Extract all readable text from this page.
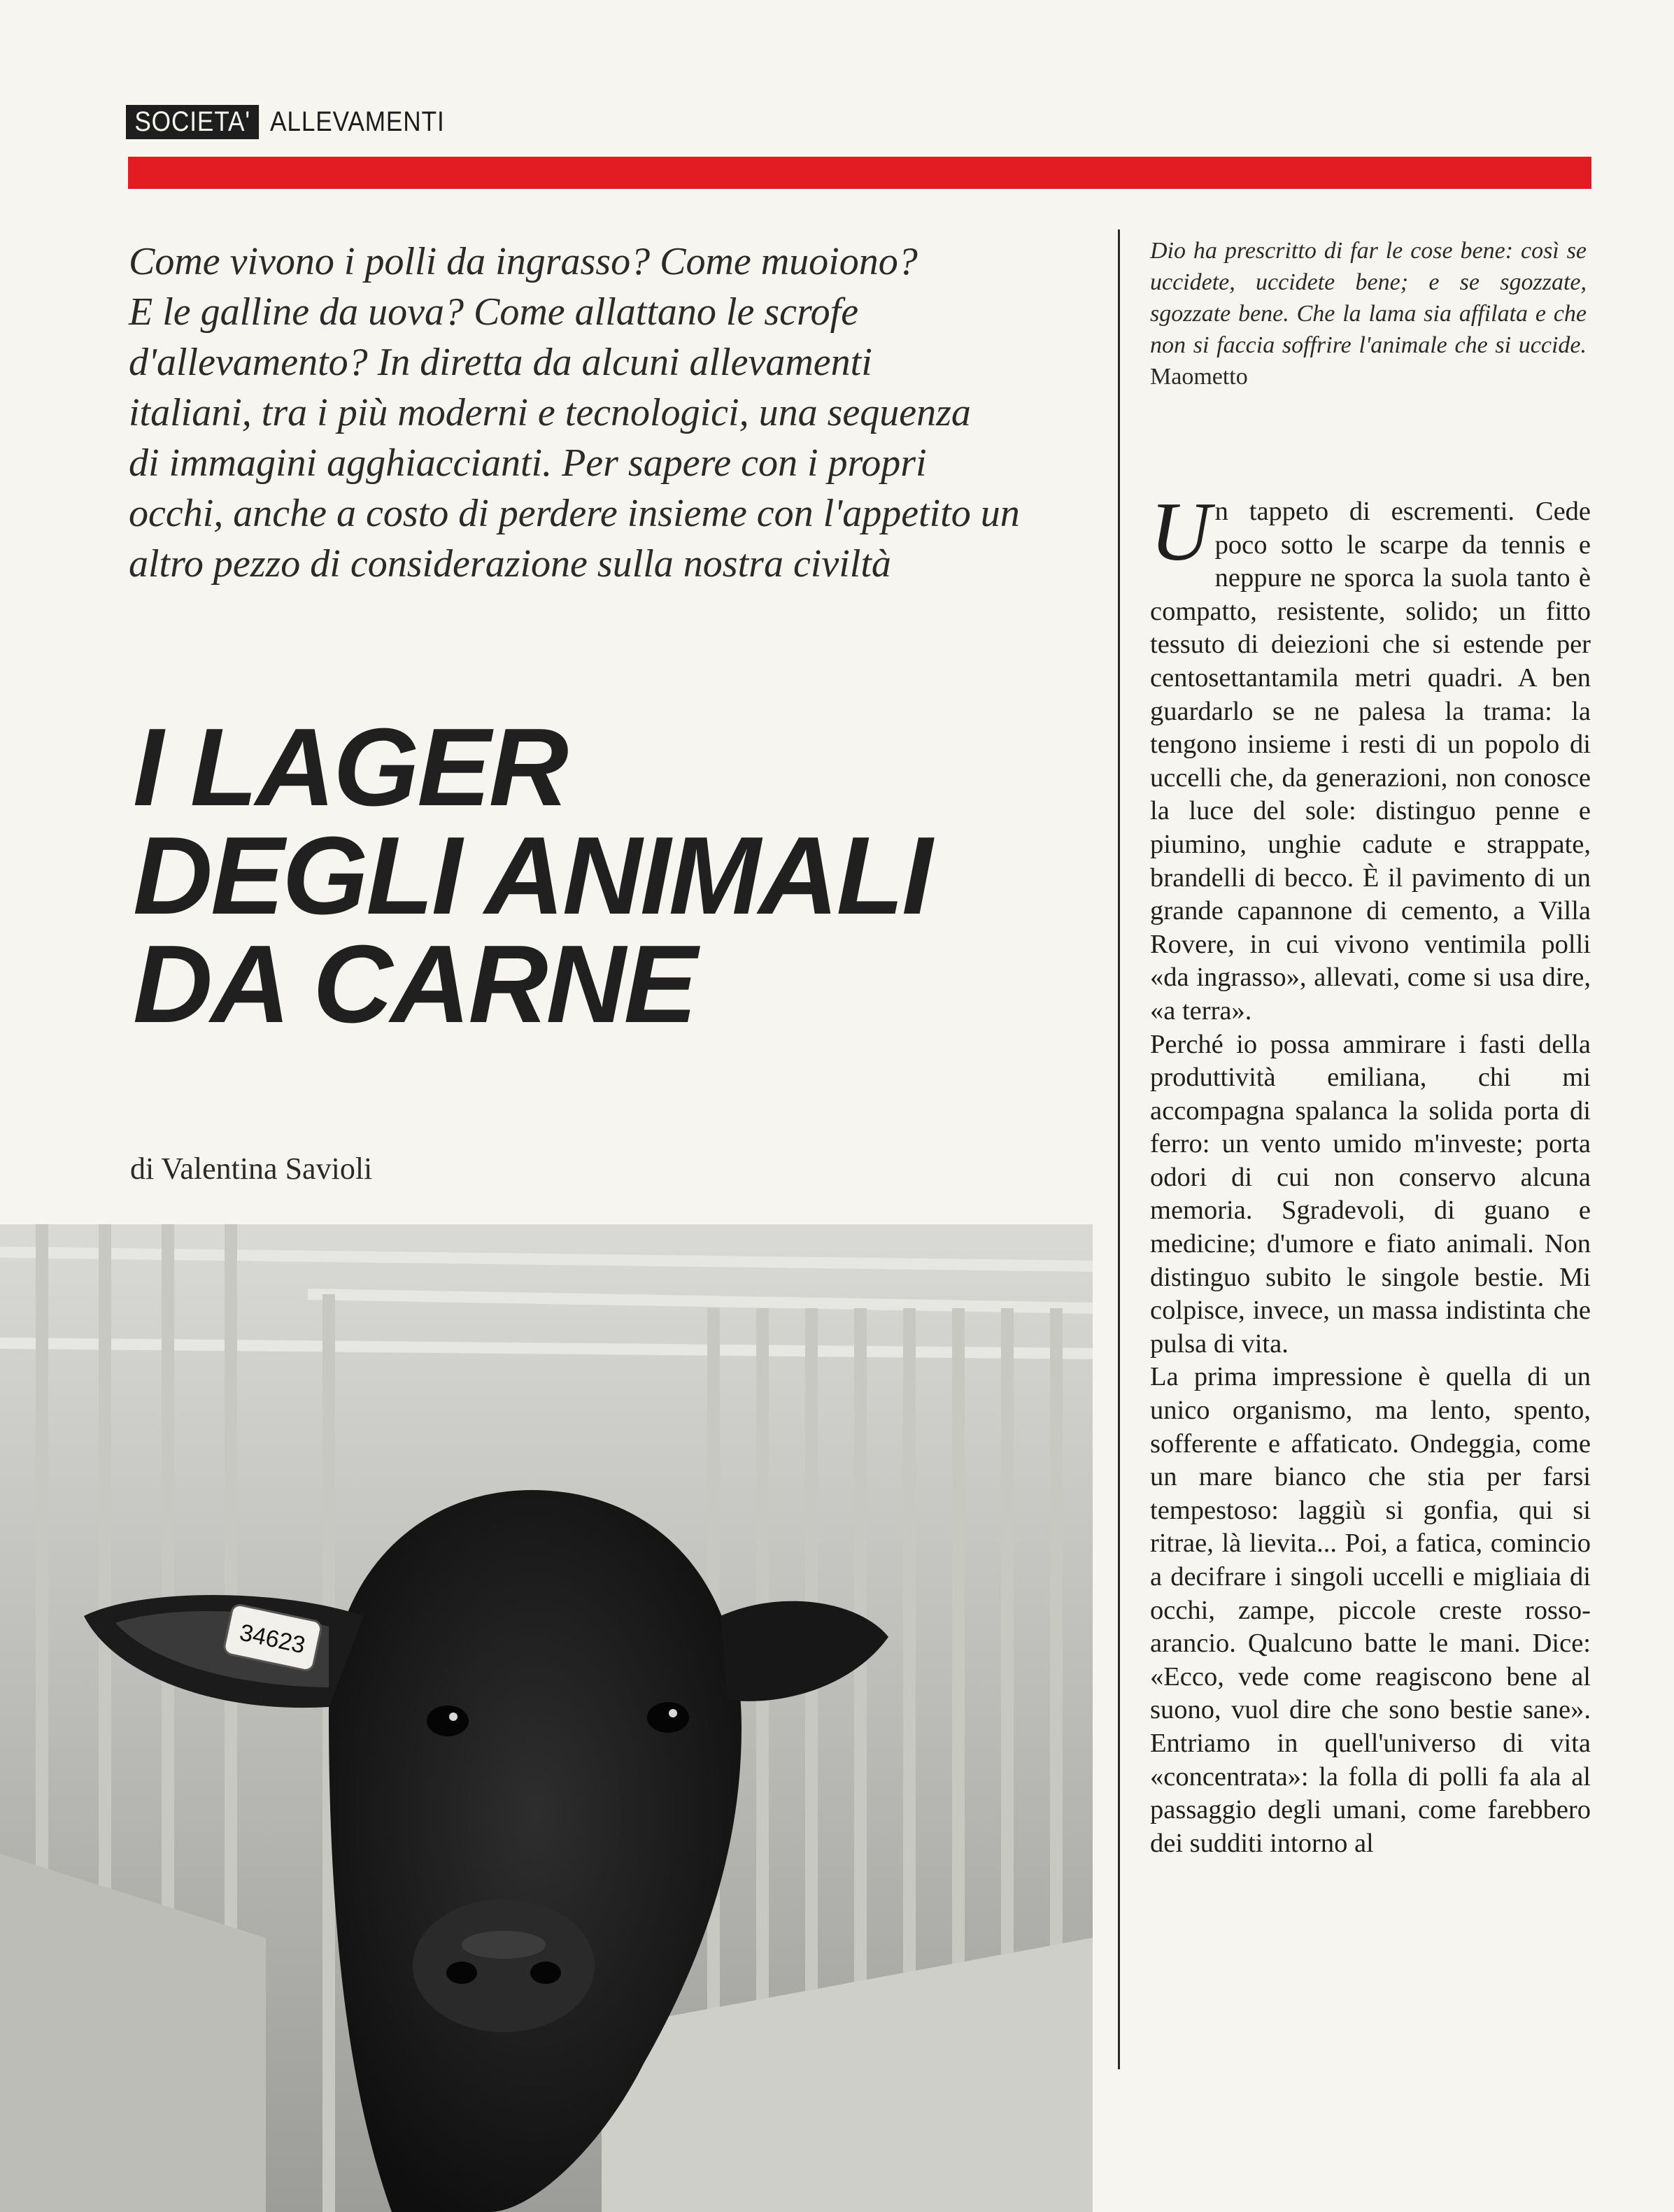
SOCIETA' ALLEVAMENTI
Come vivono i polli da ingrasso? Come muoiono?
E le galline da uova? Come allattano le scrofe
d'allevamento? In diretta da alcuni allevamenti
italiani, tra i più moderni e tecnologici, una sequenza
di immagini agghiaccianti. Per sapere con i propri
occhi, anche a costo di perdere insieme con l'appetito un
altro pezzo di considerazione sulla nostra civiltà
I LAGER
DEGLI ANIMALI
DA CARNE
di Valentina Savioli
34623
Dio ha prescritto di far le cose bene: così se uccidete, uccidete bene; e se sgozzate, sgozzate bene. Che la lama sia affilata e che non si faccia soffrire l'animale che si uccide. Maometto

Un tappeto di escrementi. Cede poco sotto le scarpe da tennis e neppure ne sporca la suola tanto è compatto, resistente, solido; un fitto tessuto di deiezioni che si estende per centosettantamila metri quadri. A ben guardarlo se ne palesa la trama: la tengono insieme i resti di un popolo di uccelli che, da generazioni, non conosce la luce del sole: distinguo penne e piumino, unghie cadute e strappate, brandelli di becco. È il pavimento di un grande capannone di cemento, a Villa Rovere, in cui vivono ventimila polli «da ingrasso», allevati, come si usa dire, «a terra».

Perché io possa ammirare i fasti della produttività emiliana, chi mi accompagna spalanca la solida porta di ferro: un vento umido m'investe; porta odori di cui non conservo alcuna memoria. Sgradevoli, di guano e medicine; d'umore e fiato animali. Non distinguo subito le singole bestie. Mi colpisce, invece, un massa indistinta che pulsa di vita.

La prima impressione è quella di un unico organismo, ma lento, spento, sofferente e affaticato. Ondeggia, come un mare bianco che stia per farsi tempestoso: laggiù si gonfia, qui si ritrae, là lievita... Poi, a fatica, comincio a decifrare i singoli uccelli e migliaia di occhi, zampe, piccole creste rosso-arancio. Qualcuno batte le mani. Dice: «Ecco, vede come reagiscono bene al suono, vuol dire che sono bestie sane». Entriamo in quell'universo di vita «concentrata»: la folla di polli fa ala al passaggio degli umani, come farebbero dei sudditi intorno al
